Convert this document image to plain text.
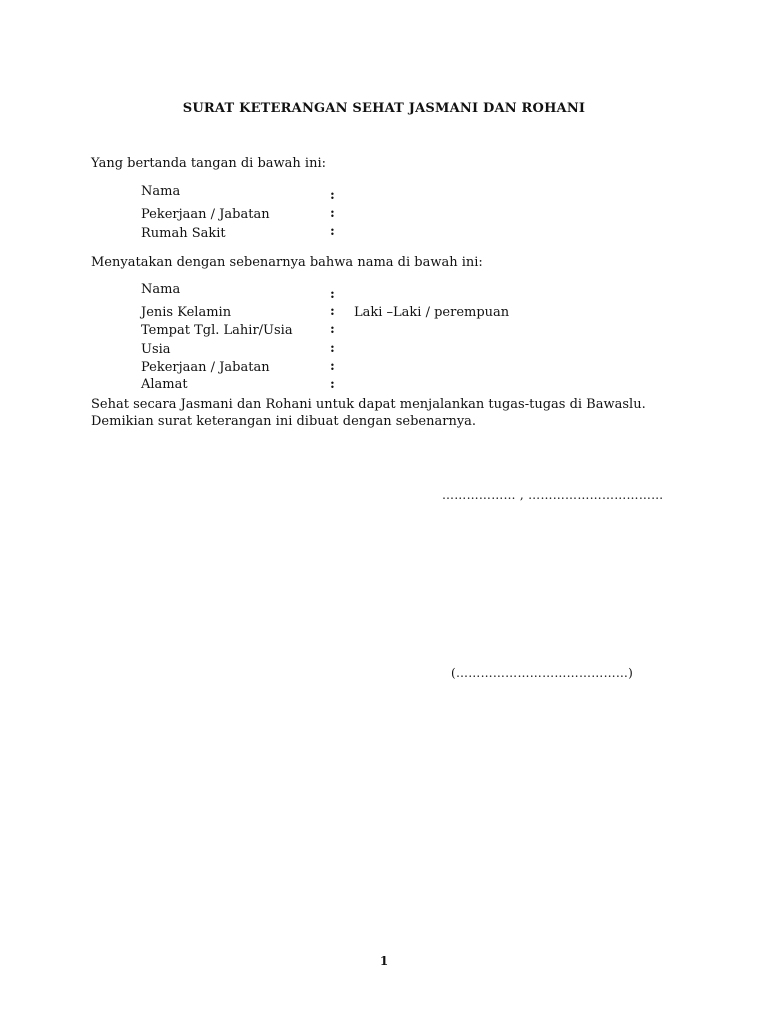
SURAT KETERANGAN SEHAT JASMANI DAN ROHANI
Yang bertanda tangan di bawah ini:
Nama	:
Pekerjaan / Jabatan	:
Rumah Sakit	:
Menyatakan dengan sebenarnya bahwa nama di bawah ini:
Nama	:
Jenis Kelamin	: Laki –Laki / perempuan
Tempat Tgl. Lahir/Usia	:
Usia	:
Pekerjaan / Jabatan	:
Alamat	:
Sehat secara Jasmani dan Rohani untuk dapat menjalankan tugas-tugas di Bawaslu.
Demikian surat keterangan ini dibuat dengan sebenarnya.
……………… , ……………………………
(……………………………………)
1
